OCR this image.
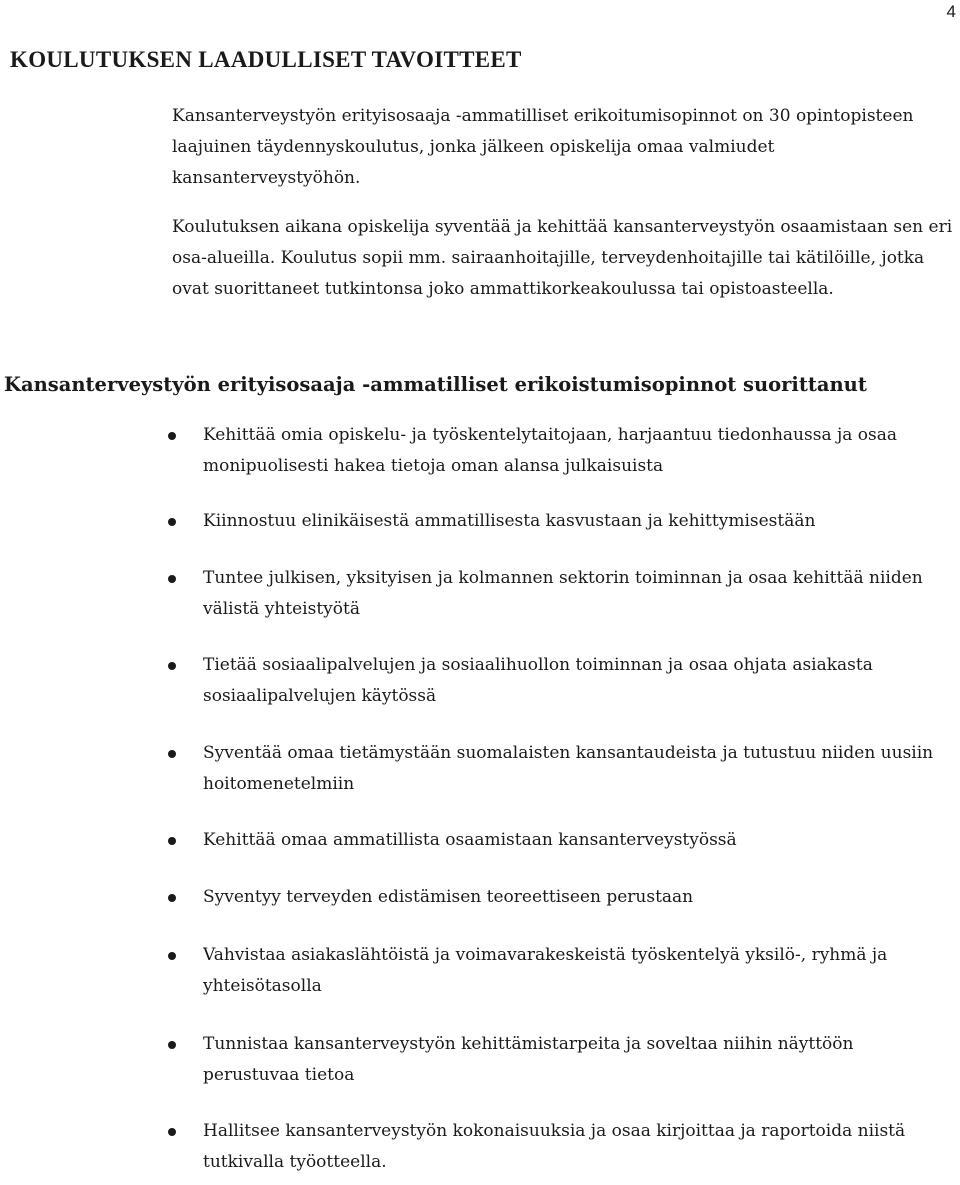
4
KOULUTUKSEN LAADULLISET TAVOITTEET

Kansanterveystyön erityisosaaja -ammatilliset erikoitumisopinnot on 30 opintopisteen laajuinen täydennyskoulutus, jonka jälkeen opiskelija omaa valmiudet kansanterveystyöhön.

Koulutuksen aikana opiskelija syventää ja kehittää kansanterveystyön osaamistaan sen eri osa-alueilla. Koulutus sopii mm. sairaanhoitajille, terveydenhoitajille tai kätilöille, jotka ovat suorittaneet tutkintonsa joko ammattikorkeakoulussa tai opistoasteella.

Kansanterveystyön erityisosaaja -ammatilliset erikoistumisopinnot suorittanut
Kehittää omia opiskelu- ja työskentelytaitojaan, harjaantuu tiedonhaussa ja osaa monipuolisesti hakea tietoja oman alansa julkaisuista
Kiinnostuu elinikäisestä ammatillisesta kasvustaan ja kehittymisestään
Tuntee julkisen, yksityisen ja kolmannen sektorin toiminnan ja osaa kehittää niiden välistä yhteistyötä
Tietää sosiaalipalvelujen ja sosiaalihuollon toiminnan ja osaa ohjata asiakasta sosiaalipalvelujen käytössä
Syventää omaa tietämystään suomalaisten kansantaudeista ja tutustuu niiden uusiin hoitomenetelmiin
Kehittää omaa ammatillista osaamistaan kansanterveystyössä
Syventyy terveyden edistämisen teoreettiseen perustaan
Vahvistaa asiakaslähtöistä ja voimavarakeskeistä työskentelyä yksilö-, ryhmä ja yhteisötasolla
Tunnistaa kansanterveystyön kehittämistarpeita ja soveltaa niihin näyttöön perustuvaa tietoa
Hallitsee kansanterveystyön kokonaisuuksia ja osaa kirjoittaa ja raportoida niistä tutkivalla työotteella.
